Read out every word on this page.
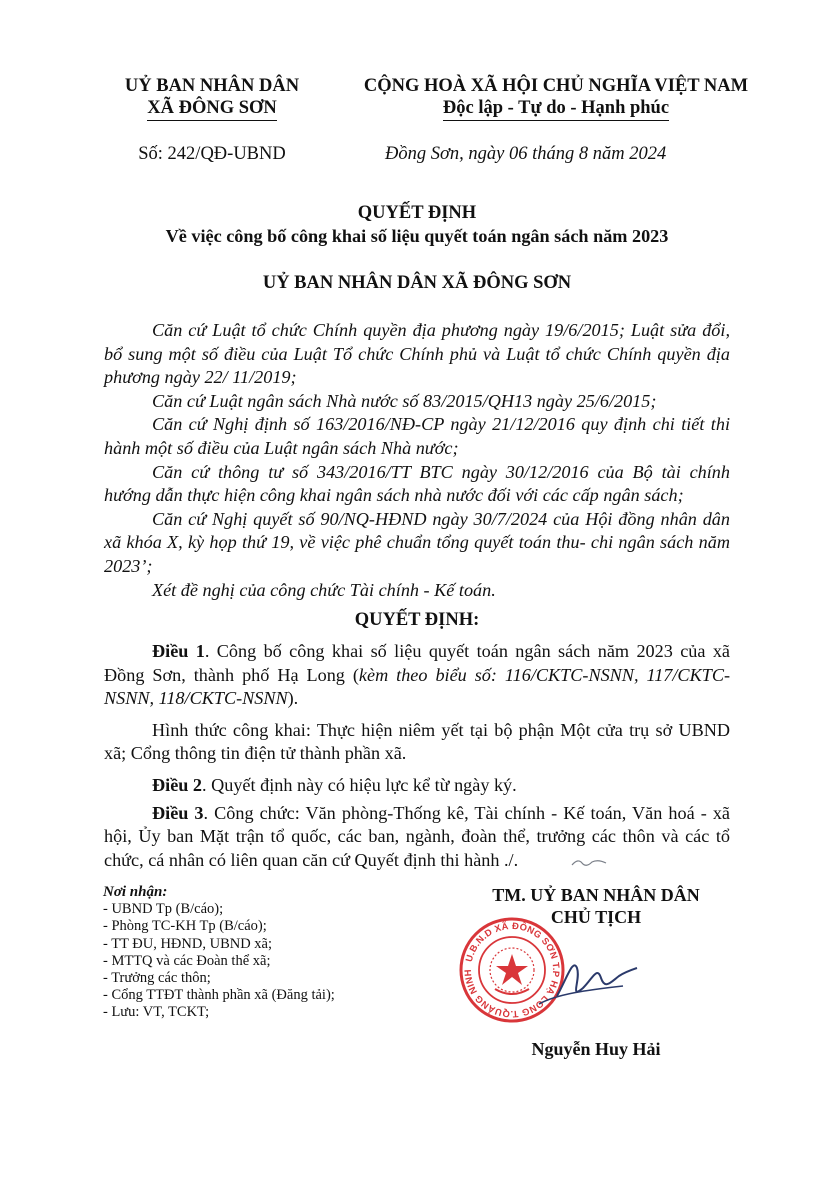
UỶ BAN NHÂN DÂN
XÃ ĐÔNG SƠN
CỘNG HOÀ XÃ HỘI CHỦ NGHĨA VIỆT NAM
Độc lập - Tự do - Hạnh phúc
Số: 242/QĐ-UBND	Đồng Sơn, ngày 06 tháng 8 năm 2024
QUYẾT ĐỊNH
Về việc công bố công khai số liệu quyết toán ngân sách năm 2023
UỶ BAN NHÂN DÂN XÃ ĐÔNG SƠN

Căn cứ Luật tổ chức Chính quyền địa phương ngày 19/6/2015; Luật sửa đổi, bổ sung một số điều của Luật Tổ chức Chính phủ và Luật tổ chức Chính quyền địa phương ngày 22/ 11/2019;

Căn cứ Luật ngân sách Nhà nước số 83/2015/QH13 ngày 25/6/2015;

Căn cứ Nghị định số 163/2016/NĐ-CP ngày 21/12/2016 quy định chi tiết thi hành một số điều của Luật ngân sách Nhà nước;

Căn cứ thông tư số 343/2016/TT BTC ngày 30/12/2016 của Bộ tài chính hướng dẫn thực hiện công khai ngân sách nhà nước đối với các cấp ngân sách;

Căn cứ Nghị quyết số 90/NQ-HĐND ngày 30/7/2024 của Hội đồng nhân dân xã khóa X, kỳ họp thứ 19, về việc phê chuẩn tổng quyết toán thu- chi ngân sách năm 2023’;

Xét đề nghị của công chức Tài chính - Kế toán.

QUYẾT ĐỊNH:

Điều 1. Công bố công khai số liệu quyết toán ngân sách năm 2023 của xã Đồng Sơn, thành phố Hạ Long (kèm theo biểu số: 116/CKTC-NSNN, 117/CKTC-NSNN, 118/CKTC-NSNN).

Hình thức công khai: Thực hiện niêm yết tại bộ phận Một cửa trụ sở UBND xã; Cổng thông tin điện tử thành phần xã.

Điều 2. Quyết định này có hiệu lực kể từ ngày ký.

Điều 3. Công chức: Văn phòng-Thống kê, Tài chính - Kế toán, Văn hoá - xã hội, Ủy ban Mặt trận tổ quốc, các ban, ngành, đoàn thể, trưởng các thôn và các tổ chức, cá nhân có liên quan căn cứ Quyết định thi hành ./.

Nơi nhận:
- UBND Tp (B/cáo);
- Phòng TC-KH Tp (B/cáo);
- TT ĐU, HĐND, UBND xã;
- MTTQ và các Đoàn thể xã;
- Trưởng các thôn;
- Cổng TTĐT thành phần xã (Đăng tải);
- Lưu: VT, TCKT;
TM. UỶ BAN NHÂN DÂN
CHỦ TỊCH
U.B.N.D XÃ ĐÔNG SƠN T.P HẠ LONG T.QUẢNG NINH
Nguyễn Huy Hải
